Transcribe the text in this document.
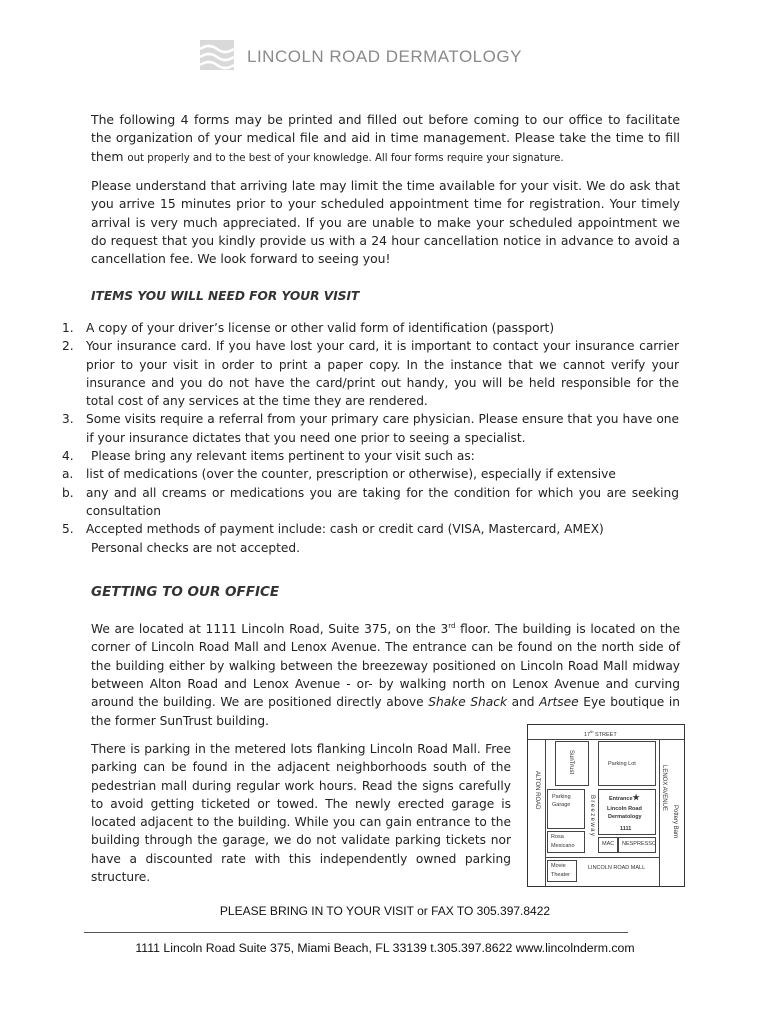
LINCOLN ROAD DERMATOLOGY
The following 4 forms may be printed and filled out before coming to our office to facilitate the organization of your medical file and aid in time management. Please take the time to fill them out properly and to the best of your knowledge. All four forms require your signature.
Please understand that arriving late may limit the time available for your visit. We do ask that you arrive 15 minutes prior to your scheduled appointment time for registration. Your timely arrival is very much appreciated. If you are unable to make your scheduled appointment we do request that you kindly provide us with a 24 hour cancellation notice in advance to avoid a cancellation fee. We look forward to seeing you!
ITEMS YOU WILL NEED FOR YOUR VISIT
1. A copy of your driver’s license or other valid form of identification (passport)
2. Your insurance card. If you have lost your card, it is important to contact your insurance carrier prior to your visit in order to print a paper copy. In the instance that we cannot verify your insurance and you do not have the card/print out handy, you will be held responsible for the total cost of any services at the time they are rendered.
3. Some visits require a referral from your primary care physician. Please ensure that you have one if your insurance dictates that you need one prior to seeing a specialist.
4. Please bring any relevant items pertinent to your visit such as:
a. list of medications (over the counter, prescription or otherwise), especially if extensive
b. any and all creams or medications you are taking for the condition for which you are seeking consultation
5. Accepted methods of payment include: cash or credit card (VISA, Mastercard, AMEX)
Personal checks are not accepted.
GETTING TO OUR OFFICE
We are located at 1111 Lincoln Road, Suite 375, on the 3rd floor. The building is located on the corner of Lincoln Road Mall and Lenox Avenue. The entrance can be found on the north side of the building either by walking between the breezeway positioned on Lincoln Road Mall midway between Alton Road and Lenox Avenue - or- by walking north on Lenox Avenue and curving around the building. We are positioned directly above Shake Shack and Artsee Eye boutique in the former SunTrust building.
There is parking in the metered lots flanking Lincoln Road Mall. Free parking can be found in the adjacent neighborhoods south of the pedestrian mall during regular work hours. Read the signs carefully to avoid getting ticketed or towed. The newly erected garage is located adjacent to the building. While you can gain entrance to the building through the garage, we do not validate parking tickets nor have a discounted rate with this independently owned parking structure.
17th STREET
SunTrust	Parking Lot
ALTON ROAD	LENOX AVENUE
Pottery Barn
Parking
Garage	Breezeway	Entrance★
Lincoln Road
Dermatology
1111
Rosa
Mexicano	MAC NESPRESSO
Movie
Theater
LINCOLN ROAD MALL
PLEASE BRING IN TO YOUR VISIT or FAX TO 305.397.8422
1111 Lincoln Road Suite 375, Miami Beach, FL 33139 t.305.397.8622 www.lincolnderm.com
